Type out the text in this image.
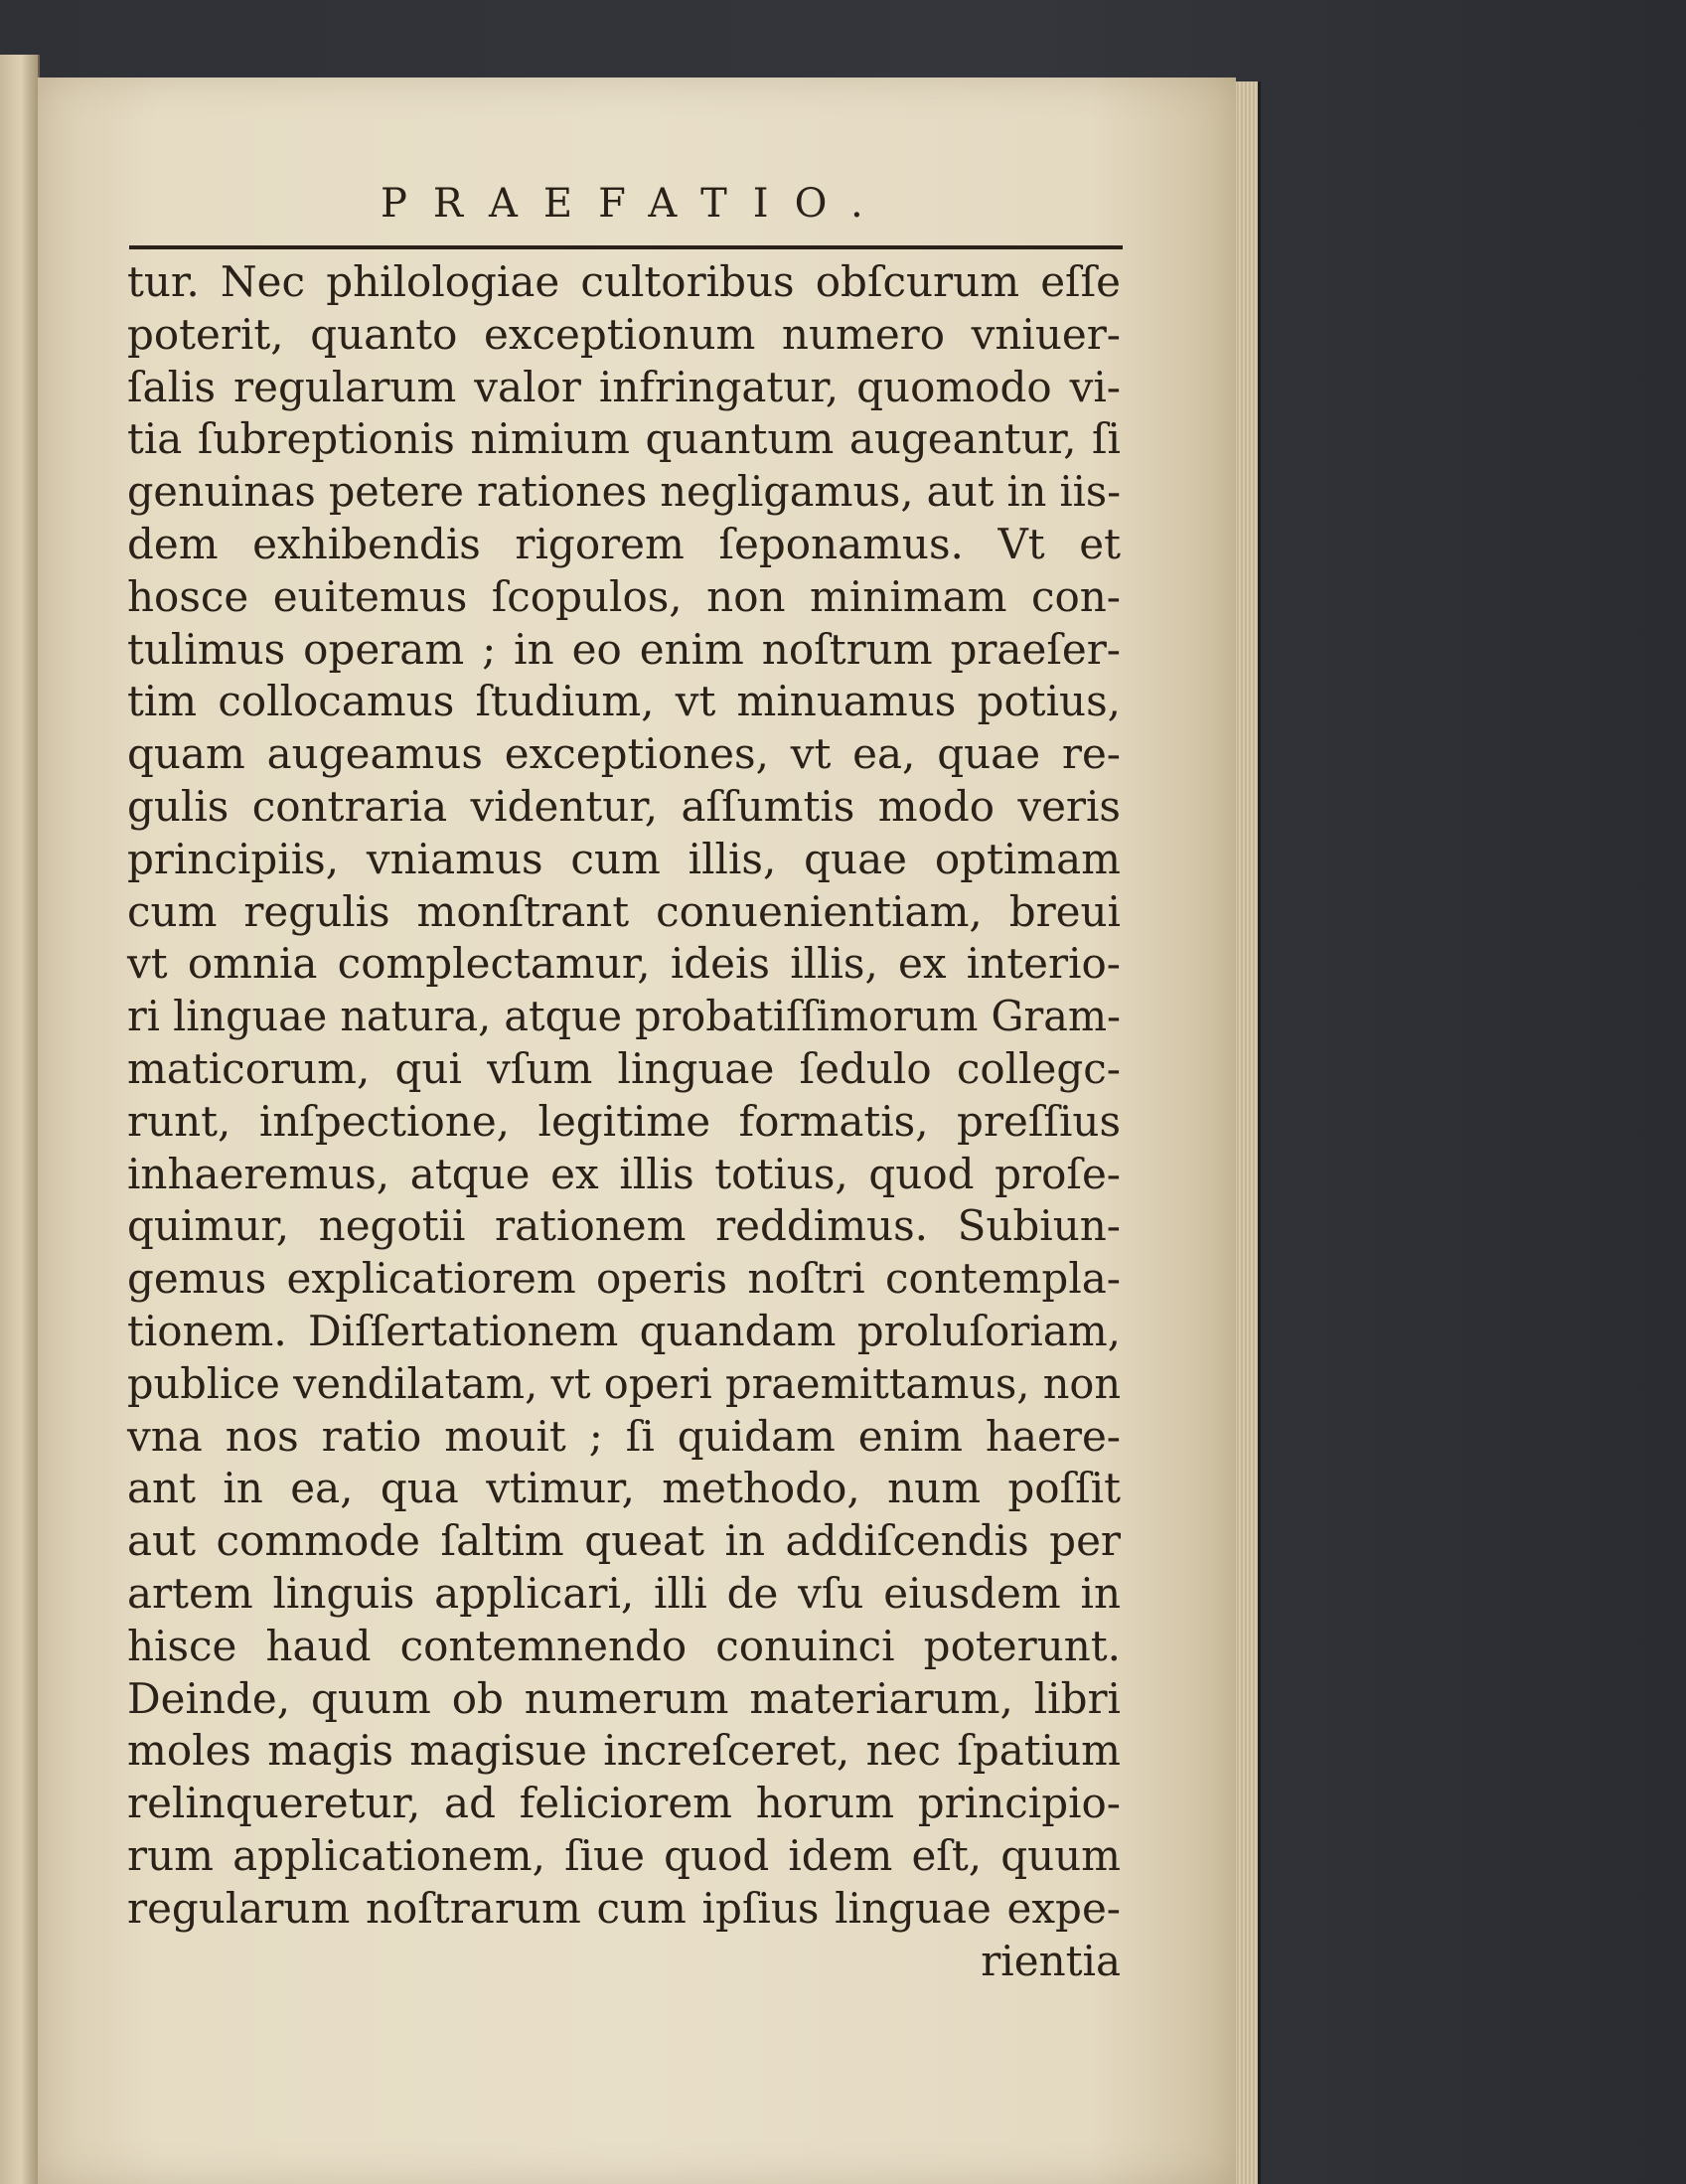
PRAEFATIO.
tur. Nec philologiae cultoribus obſcurum eſſe
poterit, quanto exceptionum numero vniuer-
ſalis regularum valor infringatur, quomodo vi-
tia ſubreptionis nimium quantum augeantur, ſi
genuinas petere rationes negligamus, aut in iis-
dem exhibendis rigorem ſeponamus. Vt et
hosce euitemus ſcopulos, non minimam con-
tulimus operam ; in eo enim noſtrum praeſer-
tim collocamus ſtudium, vt minuamus potius,
quam augeamus exceptiones, vt ea, quae re-
gulis contraria videntur, aſſumtis modo veris
principiis, vniamus cum illis, quae optimam
cum regulis monſtrant conuenientiam, breui
vt omnia complectamur, ideis illis, ex interio-
ri linguae natura, atque probatiſſimorum Gram-
maticorum, qui vſum linguae ſedulo collegc-
runt, inſpectione, legitime formatis, preſſius
inhaeremus, atque ex illis totius, quod proſe-
quimur, negotii rationem reddimus. Subiun-
gemus explicatiorem operis noſtri contempla-
tionem. Diſſertationem quandam proluſoriam,
publice vendilatam, vt operi praemittamus, non
vna nos ratio mouit ; ſi quidam enim haere-
ant in ea, qua vtimur, methodo, num poſſit
aut commode ſaltim queat in addiſcendis per
artem linguis applicari, illi de vſu eiusdem in
hisce haud contemnendo conuinci poterunt.
Deinde, quum ob numerum materiarum, libri
moles magis magisue increſceret, nec ſpatium
relinqueretur, ad feliciorem horum principio-
rum applicationem, ſiue quod idem eſt, quum
regularum noſtrarum cum ipſius linguae expe-
rientia
